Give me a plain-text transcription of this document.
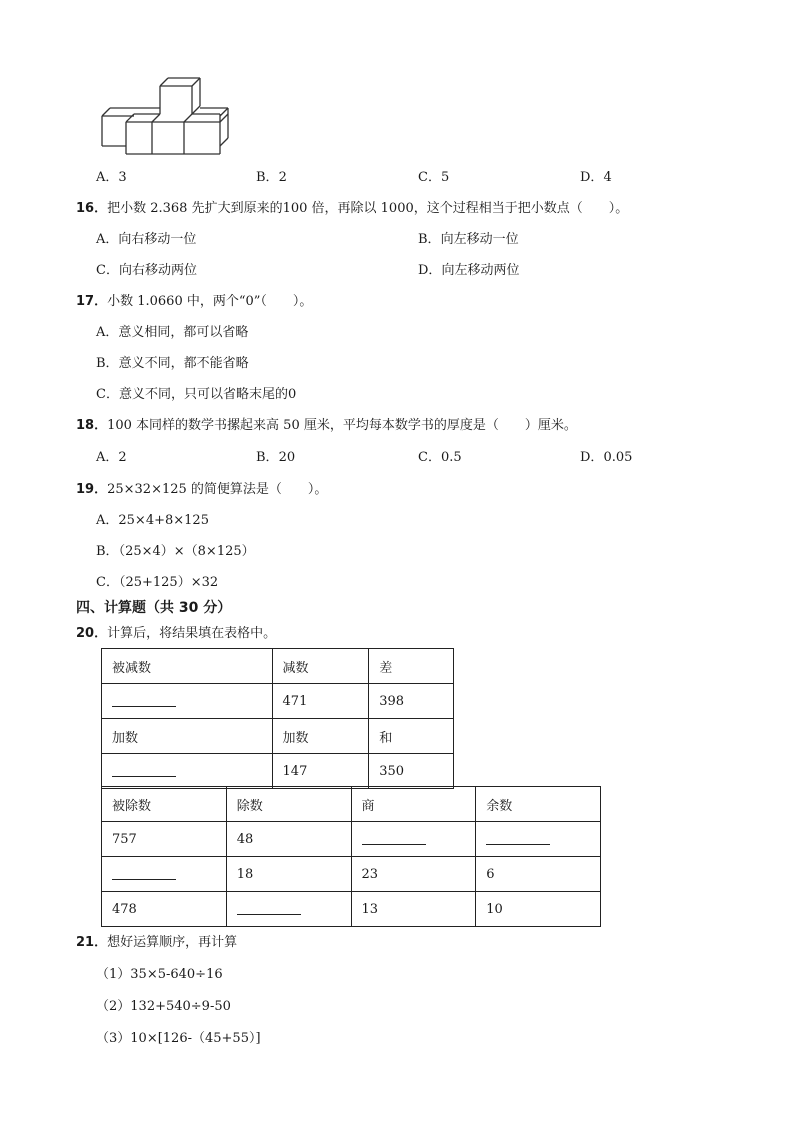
A．3	B．2	C．5	D．4
16．把小数 2.368 先扩大到原来的100 倍，再除以 1000，这个过程相当于把小数点（　　）。
A．向右移动一位	B．向左移动一位
C．向右移动两位	D．向左移动两位
17．小数 1.0660 中，两个“0”（　　）。
A．意义相同，都可以省略
B．意义不同，都不能省略
C．意义不同，只可以省略末尾的0
18．100 本同样的数学书摞起来高 50 厘米，平均每本数学书的厚度是（　　）厘米。
A．2	B．20	C．0.5	D．0.05
19．25×32×125 的简便算法是（　　）。
A．25×4+8×125
B．（25×4）×（8×125）
C．（25+125）×32
四、计算题（共 30 分）
20．计算后，将结果填在表格中。
被减数	减数	差
	471	398
加数	加数	和
	147	350
被除数	除数	商	余数
757	48		
	18	23	6
478		13	10
21．想好运算顺序，再计算
（1）35×5-640÷16
（2）132+540÷9-50
（3）10×[126-（45+55）]
